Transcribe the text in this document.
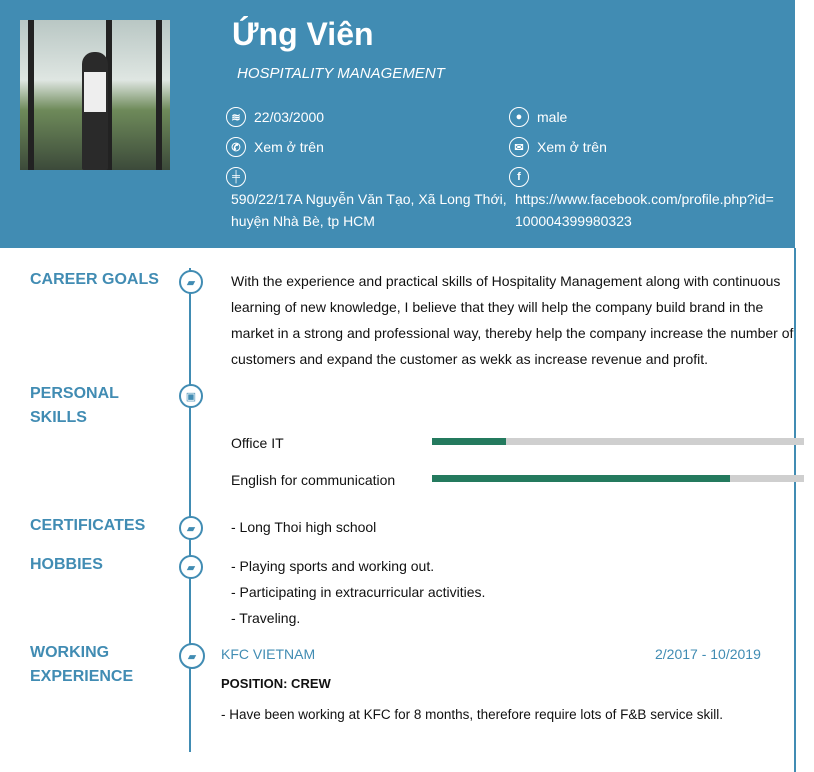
Ứng Viên
HOSPITALITY MANAGEMENT
≋ 22/03/2000	●	male
✆ Xem ở trên	✉ Xem ở trên
╪	f
590/22/17A Nguyễn Văn Tạo, Xã Long Thới, huyện Nhà Bè, tp HCM
https://www.facebook.com/profile.php?id=100004399980323
CAREER GOALS	▰	With the experience and practical skills of Hospitality Management along with continuous learning of new knowledge, I believe that they will help the company build brand in the market in a strong and professional way, thereby help the company increase the number of customers and expand the customer as wekk as increase revenue and profit.
PERSONAL SKILLS
▣
Office IT
English for communication
CERTIFICATES	▰	- Long Thoi high school
HOBBIES	▰	- Playing sports and working out.
- Participating in extracurricular activities.
- Traveling.
WORKING EXPERIENCE
▰	KFC VIETNAM	2/2017 - 10/2019
POSITION: CREW
- Have been working at KFC for 8 months, therefore require lots of F&B service skill.
